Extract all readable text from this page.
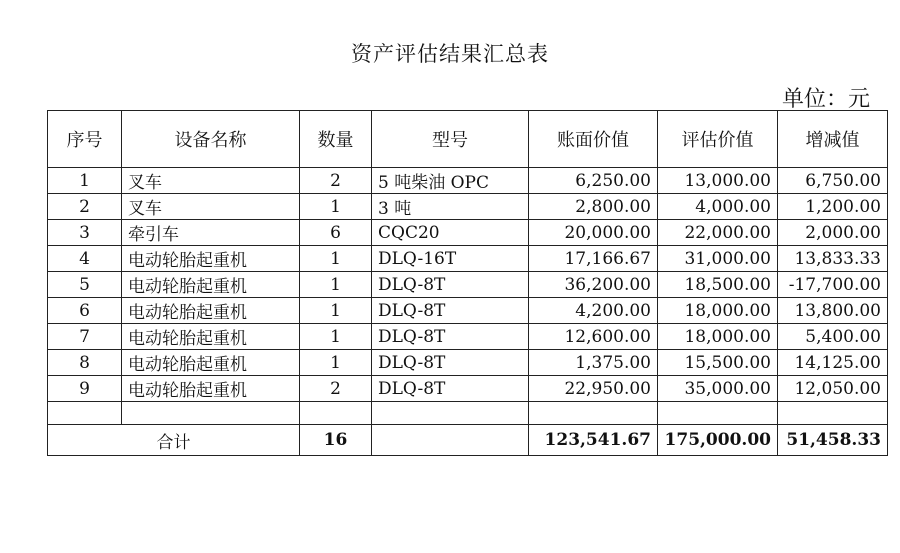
资产评估结果汇总表
单位：元
序号	设备名称	数量	型号	账面价值	评估价值	增减值
1	叉车	2	5 吨柴油 OPC	6,250.00	13,000.00	6,750.00
2	叉车	1	3 吨	2,800.00	4,000.00	1,200.00
3	牵引车	6	CQC20	20,000.00	22,000.00	2,000.00
4	电动轮胎起重机	1	DLQ-16T	17,166.67	31,000.00	13,833.33
5	电动轮胎起重机	1	DLQ-8T	36,200.00	18,500.00	-17,700.00
6	电动轮胎起重机	1	DLQ-8T	4,200.00	18,000.00	13,800.00
7	电动轮胎起重机	1	DLQ-8T	12,600.00	18,000.00	5,400.00
8	电动轮胎起重机	1	DLQ-8T	1,375.00	15,500.00	14,125.00
9	电动轮胎起重机	2	DLQ-8T	22,950.00	35,000.00	12,050.00

合计		16		123,541.67	175,000.00	51,458.33
